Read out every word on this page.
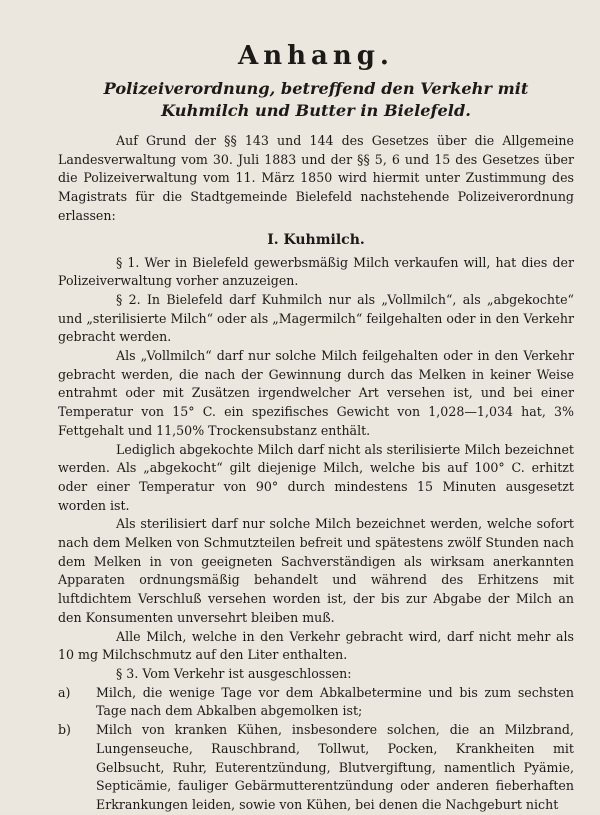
Anhang.
Polizeiverordnung, betreffend den Verkehr mit Kuhmilch und Butter in Bielefeld.

Auf Grund der §§ 143 und 144 des Gesetzes über die Allgemeine Landesverwaltung vom 30. Juli 1883 und der §§ 5, 6 und 15 des Gesetzes über die Polizeiverwaltung vom 11. März 1850 wird hiermit unter Zustimmung des Magistrats für die Stadtgemeinde Bielefeld nachstehende Polizeiverordnung erlassen:

I. Kuhmilch.

§ 1. Wer in Bielefeld gewerbsmäßig Milch verkaufen will, hat dies der Polizeiverwaltung vorher anzuzeigen.

§ 2. In Bielefeld darf Kuhmilch nur als „Vollmilch“, als „abgekochte“ und „sterilisierte Milch“ oder als „Magermilch“ feilgehalten oder in den Verkehr gebracht werden.

Als „Vollmilch“ darf nur solche Milch feilgehalten oder in den Verkehr gebracht werden, die nach der Gewinnung durch das Melken in keiner Weise entrahmt oder mit Zusätzen irgendwelcher Art versehen ist, und bei einer Temperatur von 15° C. ein spezifisches Gewicht von 1,028—1,034 hat, 3% Fettgehalt und 11,50% Trockensubstanz enthält.

Lediglich abgekochte Milch darf nicht als sterilisierte Milch bezeichnet werden. Als „abgekocht“ gilt diejenige Milch, welche bis auf 100° C. erhitzt oder einer Temperatur von 90° durch mindestens 15 Minuten ausgesetzt worden ist.

Als sterilisiert darf nur solche Milch bezeichnet werden, welche sofort nach dem Melken von Schmutzteilen befreit und spätestens zwölf Stunden nach dem Melken in von geeigneten Sachverständigen als wirksam anerkannten Apparaten ordnungsmäßig behandelt und während des Erhitzens mit luftdichtem Verschluß versehen worden ist, der bis zur Abgabe der Milch an den Konsumenten unversehrt bleiben muß.

Alle Milch, welche in den Verkehr gebracht wird, darf nicht mehr als 10 mg Milchschmutz auf den Liter enthalten.

§ 3. Vom Verkehr ist ausgeschlossen:

a)	Milch, die wenige Tage vor dem Abkalbetermine und bis zum sechsten Tage nach dem Abkalben abgemolken ist;
b)	Milch von kranken Kühen, insbesondere solchen, die an Milzbrand, Lungenseuche, Rauschbrand, Tollwut, Pocken, Krankheiten mit Gelbsucht, Ruhr, Euterentzündung, Blutvergiftung, namentlich Pyämie, Septicämie, fauliger Gebärmutterentzündung oder anderen fieberhaften Erkrankungen leiden, sowie von Kühen, bei denen die Nachgeburt nicht
